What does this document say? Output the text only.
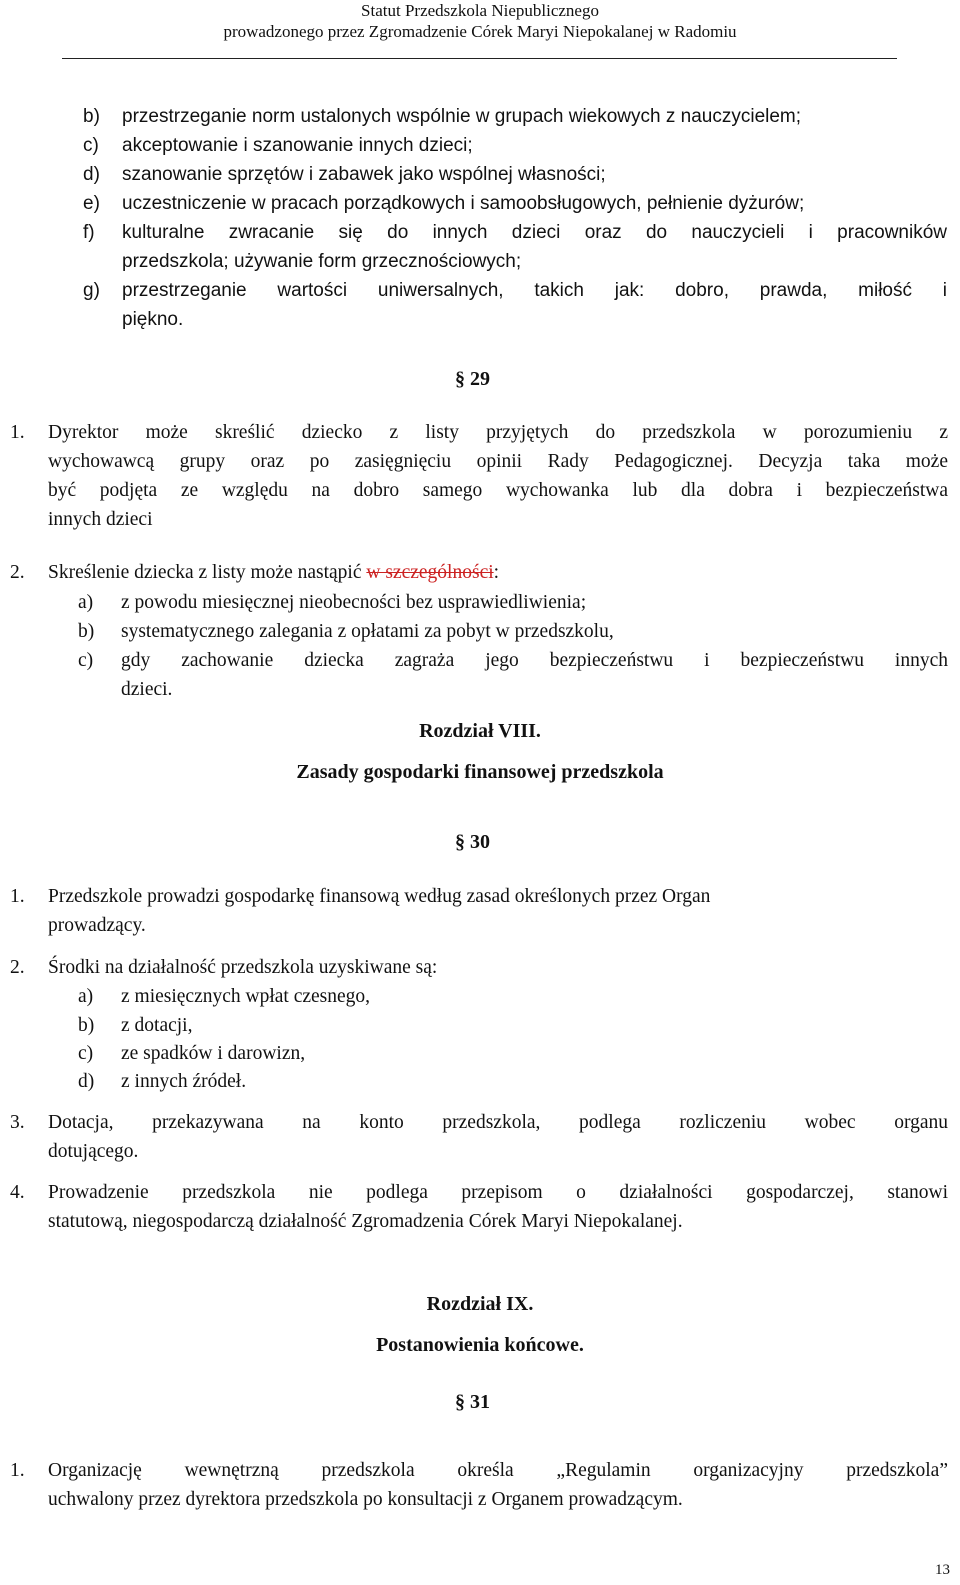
Statut Przedszkola Niepublicznego
prowadzonego przez Zgromadzenie Córek Maryi Niepokalanej w Radomiu
b) przestrzeganie norm ustalonych wspólnie w grupach wiekowych z nauczycielem;
c) akceptowanie i szanowanie innych dzieci;
d) szanowanie sprzętów i zabawek jako wspólnej własności;
e) uczestniczenie w pracach porządkowych i samoobsługowych, pełnienie dyżurów;
f) kulturalne zwracanie się do innych dzieci oraz do nauczycieli i pracowników
przedszkola; używanie form grzecznościowych;
g) przestrzeganie wartości uniwersalnych, takich jak: dobro, prawda, miłość i
piękno.
§ 29
1. Dyrektor może skreślić dziecko z listy przyjętych do przedszkola w porozumieniu z
wychowawcą grupy oraz po zasięgnięciu opinii Rady Pedagogicznej. Decyzja taka może
być podjęta ze względu na dobro samego wychowanka lub dla dobra i bezpieczeństwa
innych dzieci
2. Skreślenie dziecka z listy może nastąpić w szczególności:
a) z powodu miesięcznej nieobecności bez usprawiedliwienia;
b) systematycznego zalegania z opłatami za pobyt w przedszkolu,
c) gdy zachowanie dziecka zagraża jego bezpieczeństwu i bezpieczeństwu innych
dzieci.
Rozdział VIII.
Zasady gospodarki finansowej przedszkola
§ 30
1. Przedszkole prowadzi gospodarkę finansową według zasad określonych przez Organ
prowadzący.
2. Środki na działalność przedszkola uzyskiwane są:
a) z miesięcznych wpłat czesnego,
b) z dotacji,
c) ze spadków i darowizn,
d) z innych źródeł.
3. Dotacja, przekazywana na konto przedszkola, podlega rozliczeniu wobec organu
dotującego.
4. Prowadzenie przedszkola nie podlega przepisom o działalności gospodarczej, stanowi
statutową, niegospodarczą działalność Zgromadzenia Córek Maryi Niepokalanej.
Rozdział IX.
Postanowienia końcowe.
§ 31
1. Organizację wewnętrzną przedszkola określa „Regulamin organizacyjny przedszkola”
uchwalony przez dyrektora przedszkola po konsultacji z Organem prowadzącym.
13
